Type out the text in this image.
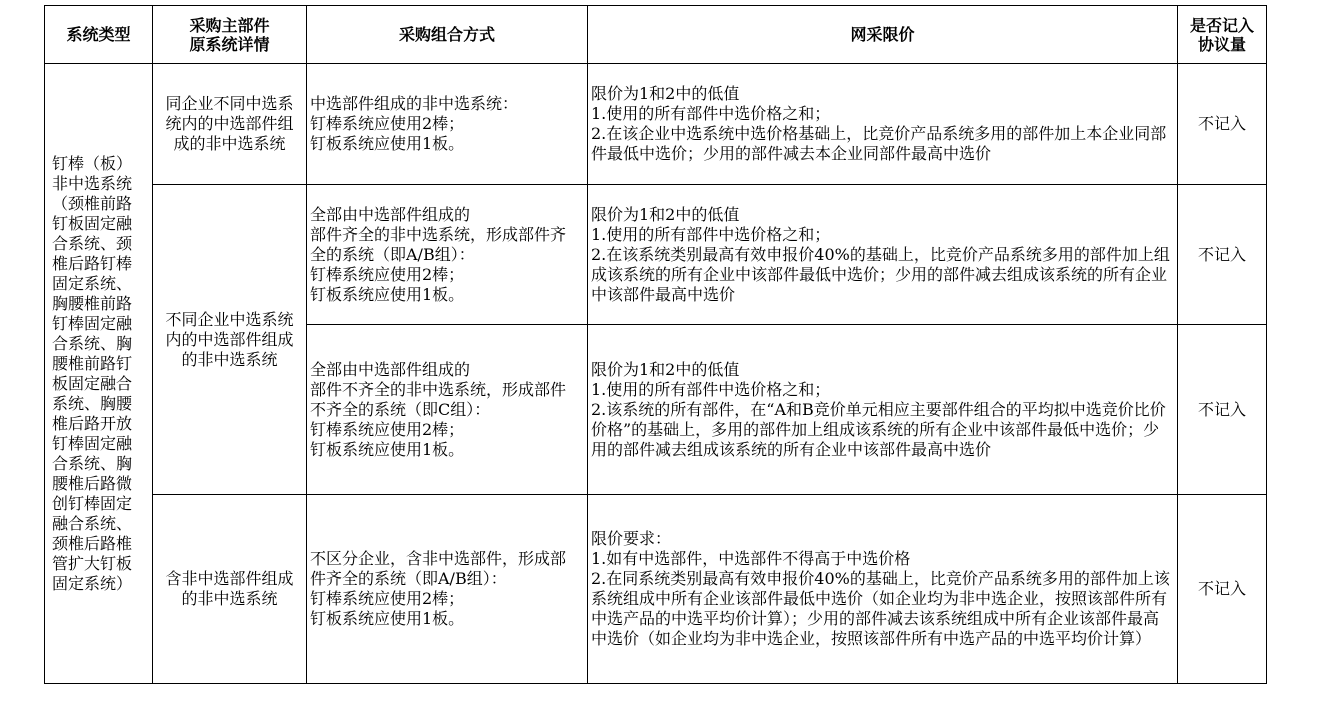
系统类型	采购主部件
原系统详情	采购组合方式	网采限价	是否记入
协议量
钉棒（板）非中选系统（颈椎前路钉板固定融合系统、颈椎后路钉棒固定系统、胸腰椎前路钉棒固定融合系统、胸腰椎前路钉板固定融合系统、胸腰椎后路开放钉棒固定融合系统、胸腰椎后路微创钉棒固定融合系统、颈椎后路椎管扩大钉板固定系统）	同企业不同中选系统内的中选部件组成的非中选系统	中选部件组成的非中选系统：
钉棒系统应使用2棒；
钉板系统应使用1板。	限价为1和2中的低值
1.使用的所有部件中选价格之和；
2.在该企业中选系统中选价格基础上，比竞价产品系统多用的部件加上本企业同部件最低中选价；少用的部件减去本企业同部件最高中选价	不记入
	不同企业中选系统内的中选部件组成的非中选系统	全部由中选部件组成的
部件齐全的非中选系统，形成部件齐全的系统（即A/B组）：
钉棒系统应使用2棒；
钉板系统应使用1板。	限价为1和2中的低值
1.使用的所有部件中选价格之和；
2.在该系统类别最高有效申报价40%的基础上，比竞价产品系统多用的部件加上组成该系统的所有企业中该部件最低中选价；少用的部件减去组成该系统的所有企业中该部件最高中选价	不记入
		全部由中选部件组成的
部件不齐全的非中选系统，形成部件不齐全的系统（即C组）：
钉棒系统应使用2棒；
钉板系统应使用1板。	限价为1和2中的低值
1.使用的所有部件中选价格之和；
2.该系统的所有部件，在“A和B竞价单元相应主要部件组合的平均拟中选竞价比价价格”的基础上，多用的部件加上组成该系统的所有企业中该部件最低中选价；少用的部件减去组成该系统的所有企业中该部件最高中选价	不记入
	含非中选部件组成的非中选系统	不区分企业，含非中选部件，形成部件齐全的系统（即A/B组）：
钉棒系统应使用2棒；
钉板系统应使用1板。	限价要求：
1.如有中选部件，中选部件不得高于中选价格
2.在同系统类别最高有效申报价40%的基础上，比竞价产品系统多用的部件加上该系统组成中所有企业该部件最低中选价（如企业均为非中选企业，按照该部件所有中选产品的中选平均价计算）；少用的部件减去该系统组成中所有企业该部件最高中选价（如企业均为非中选企业，按照该部件所有中选产品的中选平均价计算）	不记入
